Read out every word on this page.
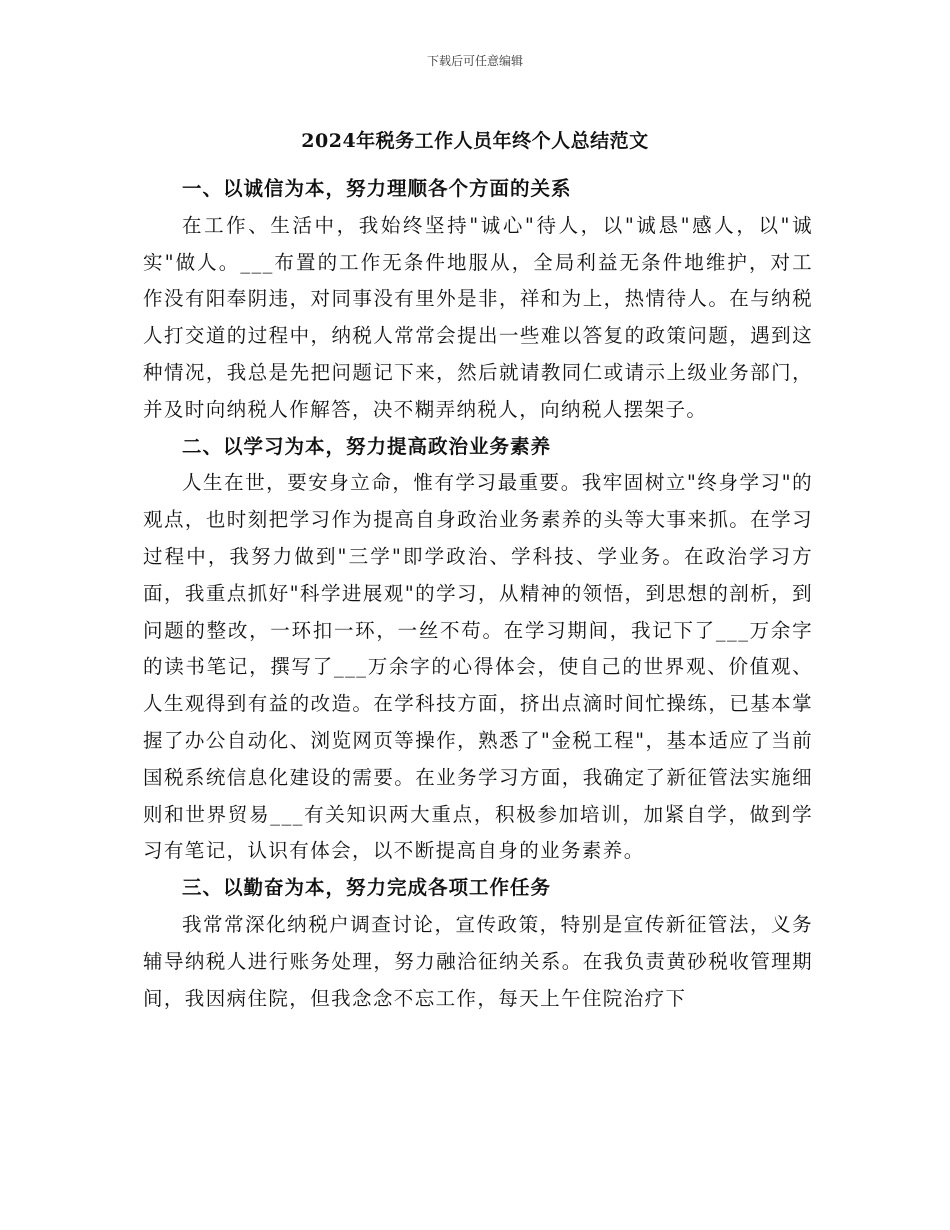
下载后可任意编辑
2024年税务工作人员年终个人总结范文

一、以诚信为本，努力理顺各个方面的关系

在工作、生活中，我始终坚持"诚心"待人，以"诚恳"感人，以"诚实"做人。___布置的工作无条件地服从，全局利益无条件地维护，对工作没有阳奉阴违，对同事没有里外是非，祥和为上，热情待人。在与纳税人打交道的过程中，纳税人常常会提出一些难以答复的政策问题，遇到这种情况，我总是先把问题记下来，然后就请教同仁或请示上级业务部门，并及时向纳税人作解答，决不糊弄纳税人，向纳税人摆架子。

二、以学习为本，努力提高政治业务素养

人生在世，要安身立命，惟有学习最重要。我牢固树立"终身学习"的观点，也时刻把学习作为提高自身政治业务素养的头等大事来抓。在学习过程中，我努力做到"三学"即学政治、学科技、学业务。在政治学习方面，我重点抓好"科学进展观"的学习，从精神的领悟，到思想的剖析，到问题的整改，一环扣一环，一丝不苟。在学习期间，我记下了___万余字的读书笔记，撰写了___万余字的心得体会，使自己的世界观、价值观、人生观得到有益的改造。在学科技方面，挤出点滴时间忙操练，已基本掌握了办公自动化、浏览网页等操作，熟悉了"金税工程"，基本适应了当前国税系统信息化建设的需要。在业务学习方面，我确定了新征管法实施细则和世界贸易___有关知识两大重点，积极参加培训，加紧自学，做到学习有笔记，认识有体会，以不断提高自身的业务素养。

三、以勤奋为本，努力完成各项工作任务

我常常深化纳税户调查讨论，宣传政策，特别是宣传新征管法，义务辅导纳税人进行账务处理，努力融洽征纳关系。在我负责黄砂税收管理期间，我因病住院，但我念念不忘工作，每天上午住院治疗下
